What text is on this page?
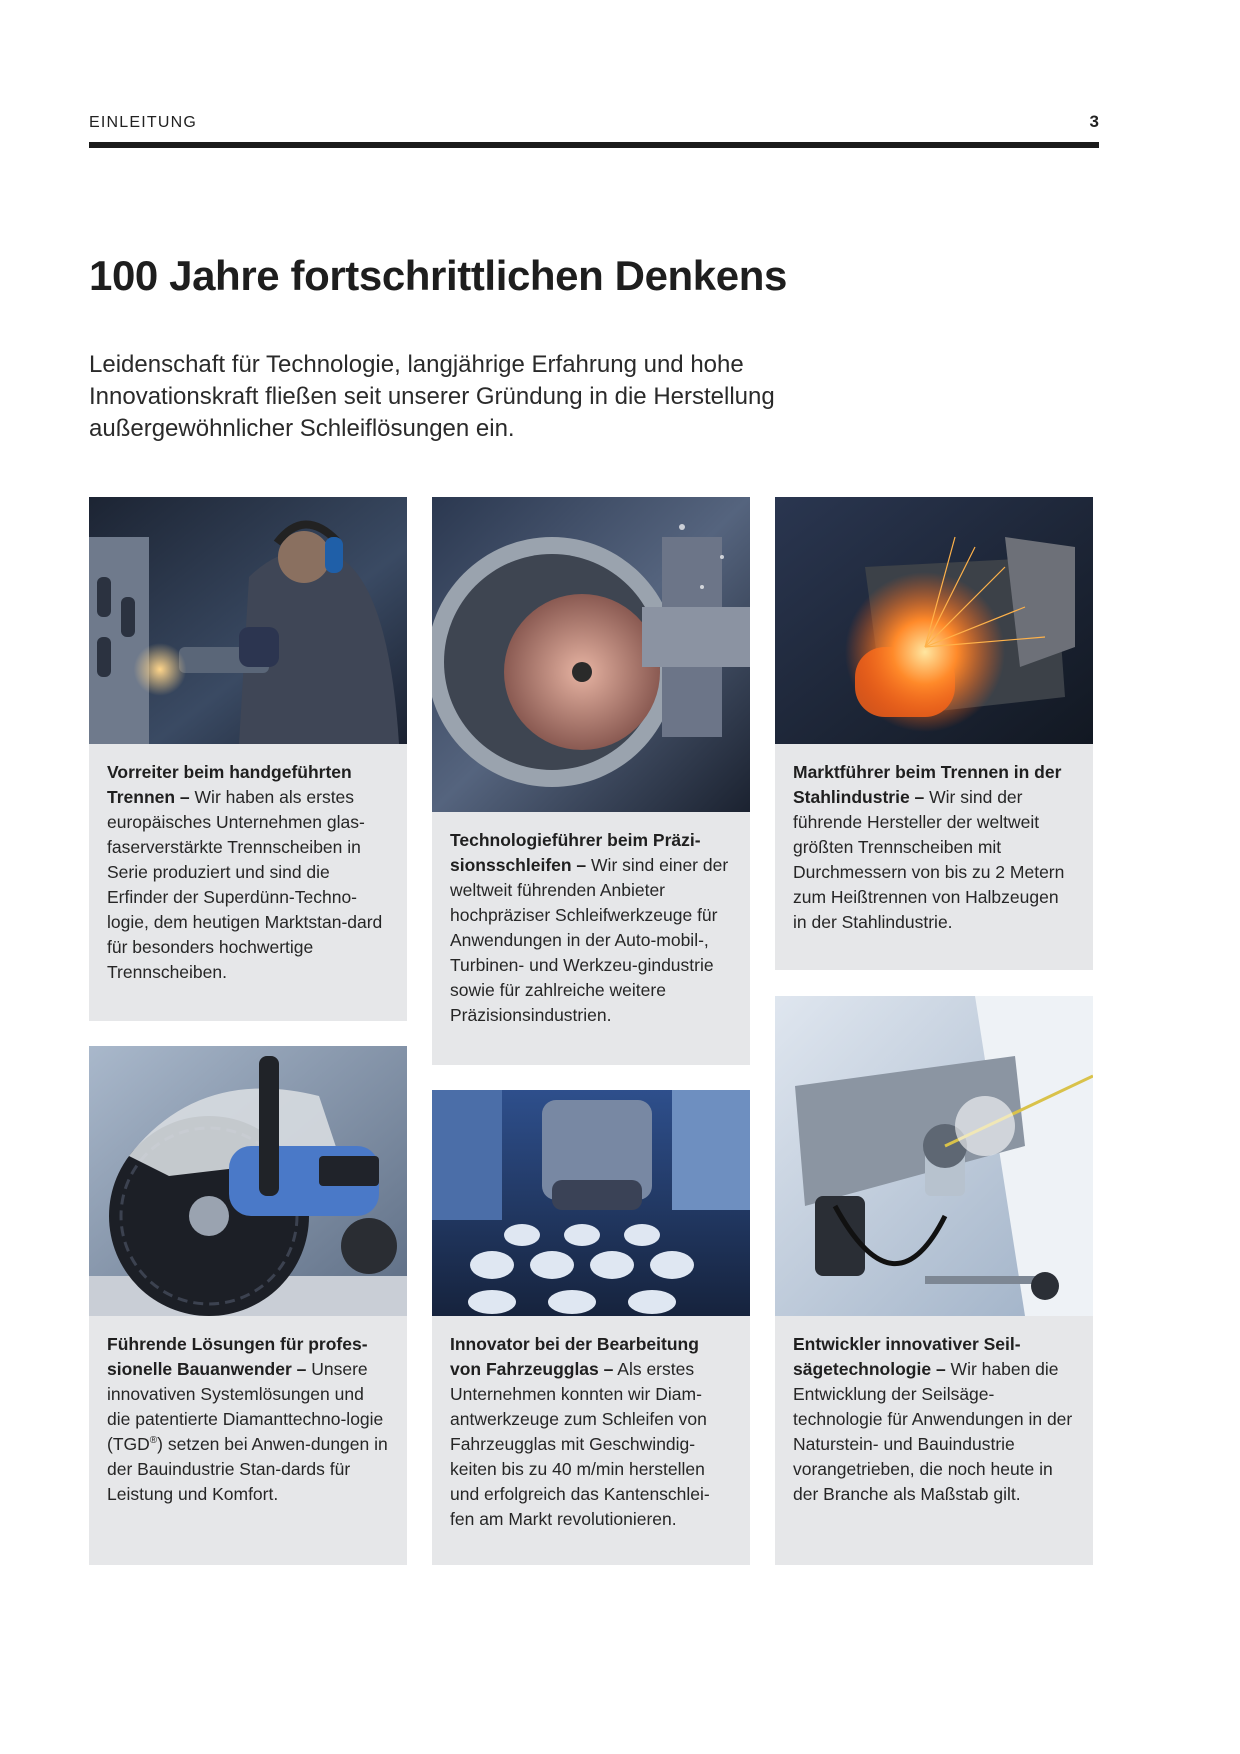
EINLEITUNG	3
100 Jahre fortschrittlichen Denkens

Leidenschaft für Technologie, langjährige Erfahrung und hohe Innovationskraft fließen seit unserer Gründung in die Herstellung außergewöhnlicher Schleiflösungen ein.

Vorreiter beim handgeführten Trennen – Wir haben als erstes europäisches Unternehmen glas-faserverstärkte Trennscheiben in Serie produziert und sind die Erfinder der Superdünn-Techno-logie, dem heutigen Marktstan-dard für besonders hochwertige Trennscheiben.

Führende Lösungen für profes-sionelle Bauanwender – Unsere innovativen Systemlösungen und die patentierte Diamanttechno-logie (TGD®) setzen bei Anwen-dungen in der Bauindustrie Stan-dards für Leistung und Komfort.

Technologieführer beim Präzi-sionsschleifen – Wir sind einer der weltweit führenden Anbieter hochpräziser Schleifwerkzeuge für Anwendungen in der Auto-mobil-, Turbinen- und Werkzeu-gindustrie sowie für zahlreiche weitere Präzisionsindustrien.

Innovator bei der Bearbeitung von Fahrzeugglas – Als erstes Unternehmen konnten wir Diam-antwerkzeuge zum Schleifen von Fahrzeugglas mit Geschwindig-keiten bis zu 40 m/min herstellen und erfolgreich das Kantenschlei-fen am Markt revolutionieren.

Marktführer beim Trennen in der Stahlindustrie – Wir sind der führende Hersteller der weltweit größten Trennscheiben mit Durchmessern von bis zu 2 Metern zum Heißtrennen von Halbzeugen in der Stahlindustrie.

Entwickler innovativer Seil-sägetechnologie – Wir haben die Entwicklung der Seilsäge-technologie für Anwendungen in der Naturstein- und Bauindustrie vorangetrieben, die noch heute in der Branche als Maßstab gilt.
